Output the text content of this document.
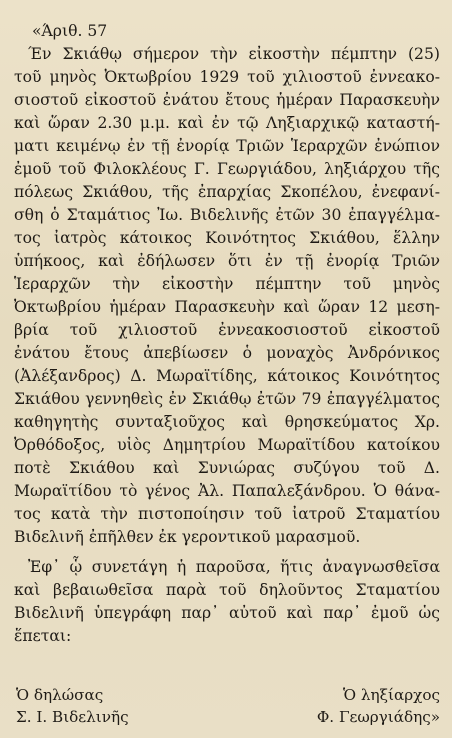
«Άριθ. 57
Έν Σκιάθῳ σήμερον τὴν εἰκοστὴν πέμπτην (25)
τοῦ μηνὸς Ὀκτωβρίου 1929 τοῦ χιλιοστοῦ ἐννεακο-
σιοστοῦ εἰκοστοῦ ἐνάτου ἔτους ἡμέραν Παρασκευὴν
καὶ ὥραν 2.30 μ.μ. καὶ ἐν τῷ Ληξιαρχικῷ καταστή-
ματι κειμένῳ ἐν τῇ ἐνορίᾳ Τριῶν Ἱεραρχῶν ἐνώπιον
ἐμοῦ τοῦ Φιλοκλέους Γ. Γεωργιάδου, ληξιάρχου τῆς
πόλεως Σκιάθου, τῆς ἐπαρχίας Σκοπέλου, ἐνεφανί-
σθη ὁ Σταμάτιος Ἰω. Βιδελινῆς ἐτῶν 30 ἐπαγγέλμα-
τος ἰατρὸς κάτοικος Κοινότητος Σκιάθου, ἕλλην
ὑπήκοος, καὶ ἐδήλωσεν ὅτι ἐν τῇ ἐνορίᾳ Τριῶν
Ἱεραρχῶν τὴν εἰκοστὴν πέμπτην τοῦ μηνὸς
Ὀκτωβρίου ἡμέραν Παρασκευὴν καὶ ὥραν 12 μεση-
βρία τοῦ χιλιοστοῦ ἐννεακοσιοστοῦ εἰκοστοῦ
ἐνάτου ἔτους ἀπεβίωσεν ὁ μοναχὸς Ἀνδρόνικος
(Ἀλέξανδρος) Δ. Μωραϊτίδης, κάτοικος Κοινότητος
Σκιάθου γεννηθεὶς ἐν Σκιάθῳ ἐτῶν 79 ἐπαγγέλματος
καθηγητὴς συνταξιοῦχος καὶ θρησκεύματος Χρ.
Ὀρθόδοξος, υἱὸς Δημητρίου Μωραϊτίδου κατοίκου
ποτὲ Σκιάθου καὶ Συνιώρας συζύγου τοῦ Δ.
Μωραϊτίδου τὸ γένος Ἀλ. Παπαλεξάνδρου. Ὁ θάνα-
τος κατὰ τὴν πιστοποίησιν τοῦ ἰατροῦ Σταματίου
Βιδελινῆ ἐπῆλθεν ἐκ γεροντικοῦ μαρασμοῦ.
Ἐφ᾽ ᾧ συνετάγη ἡ παροῦσα, ἥτις ἀναγνωσθεῖσα
καὶ βεβαιωθεῖσα παρὰ τοῦ δηλοῦντος Σταματίου
Βιδελινῆ ὑπεγράφη παρ᾽ αὐτοῦ καὶ παρ᾽ ἐμοῦ ὡς
ἕπεται:
Ὁ δηλώσας
Σ. Ι. Βιδελινῆς
Ὁ ληξίαρχος
Φ. Γεωργιάδης»
